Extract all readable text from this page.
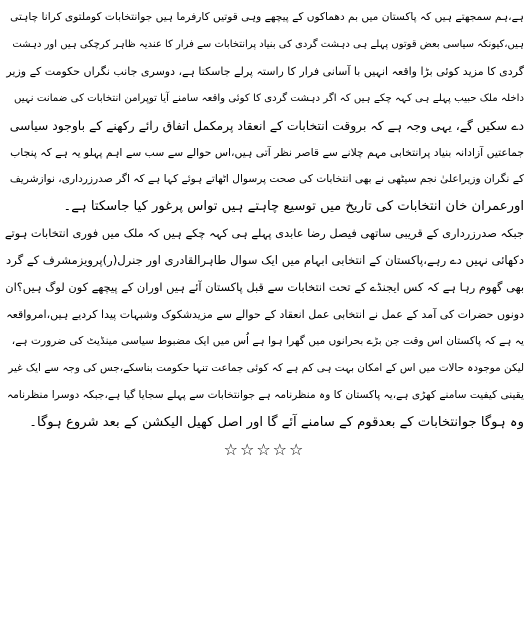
ہے،ہم سمجھتے ہیں کہ پاکستان میں بم دھماکوں کے پیچھے وہی قوتیں کارفرما ہیں جوانتخابات کوملتوی کرانا چاہتی
ہیں،کیونکہ سیاسی بعض قوتوں پہلے ہی دہشت گردی کی بنیاد پرانتخابات سے فرار کا عندیہ ظاہر کرچکی ہیں اور دہشت
گردی کا مزید کوئی بڑا واقعہ انہیں با آسانی فرار کا راستہ پرلے جاسکتا ہے، دوسری جانب نگراں حکومت کے وزیر
داخلہ ملک حبیب پہلے ہی کہہ چکے ہیں کہ اگر دہشت گردی کا کوئی واقعہ سامنے آیا توپرامن انتخابات کی ضمانت نہیں
دے سکیں گے، یہی وجہ ہے کہ بروقت انتخابات کے انعقاد پرمکمل اتفاق رائے رکھنے کے باوجود سیاسی
جماعتیں آزادانہ بنیاد پرانتخابی مہم چلانے سے قاصر نظر آتی ہیں،اس حوالے سے سب سے اہم پہلو یہ ہے کہ پنجاب
کے نگران وزیراعلیٰ نجم سیٹھی نے بھی انتخابات کی صحت پرسوال اٹھاتے ہوئے کہا ہے کہ اگر صدرزرداری، نوازشریف
اورعمران خان انتخابات کی تاریخ میں توسیع چاہتے ہیں تواس پرغور کیا جاسکتا ہے۔
جبکہ صدرزرداری کے قریبی ساتھی فیصل رضا عابدی پہلے ہی کہہ چکے ہیں کہ ملک میں فوری انتخابات ہوتے
دکھائی نہیں دے رہے،پاکستان کے انتخابی ابہام میں ایک سوال طاہرالقادری اور جنرل(ر)پرویزمشرف کے گرد
بھی گھوم رہا ہے کہ کس ایجنڈے کے تحت انتخابات سے قبل پاکستان آئے ہیں اوران کے پیچھے کون لوگ ہیں؟ان
دونوں حضرات کی آمد کے عمل نے انتخابی عمل انعقاد کے حوالے سے مزیدشکوک وشبہات پیدا کردیے ہیں،امرواقعہ
یہ ہے کہ پاکستان اس وقت جن بڑے بحرانوں میں گھرا ہوا ہے اُس میں ایک مضبوط سیاسی مینڈیٹ کی ضرورت ہے،
لیکن موجودہ حالات میں اس کے امکان بہت ہی کم ہے کہ کوئی جماعت تنہا حکومت بناسکے،جس کی وجہ سے ایک غیر
یقینی کیفیت سامنے کھڑی ہے،یہ پاکستان کا وہ منظرنامہ ہے جوانتخابات سے پہلے سجایا گیا ہے،جبکہ دوسرا منظرنامہ
وہ ہوگا جوانتخابات کے بعدقوم کے سامنے آئے گا اور اصل کھیل الیکشن کے بعد شروع ہوگا۔
☆☆☆☆☆
